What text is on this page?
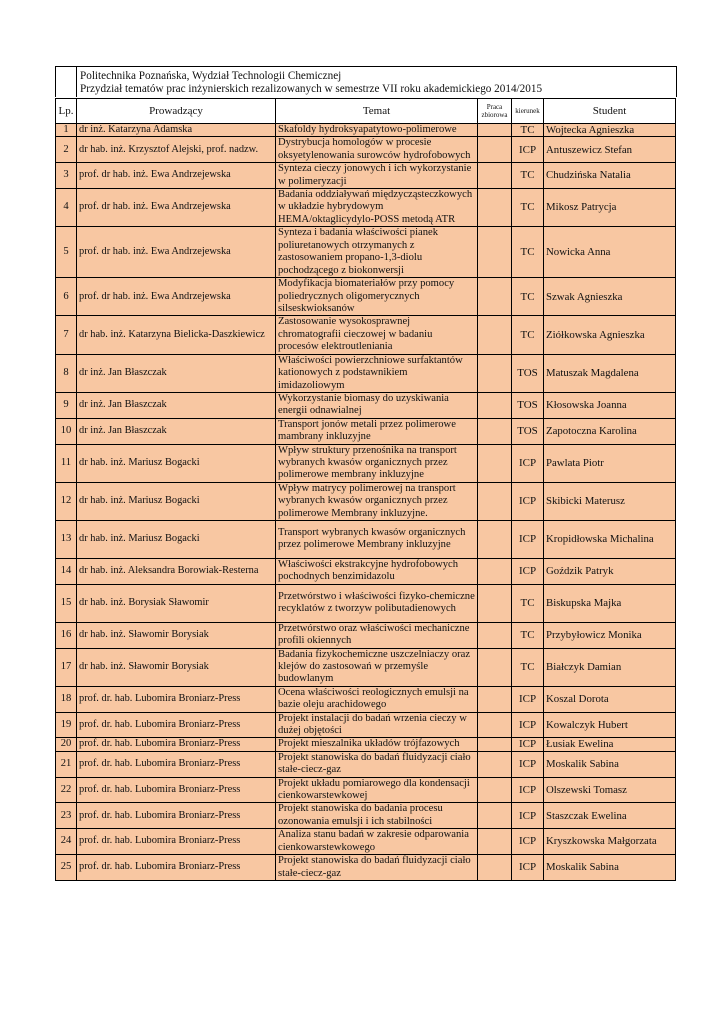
Politechnika Poznańska, Wydział Technologii Chemicznej
Przydział tematów prac inżynierskich rezalizowanych w semestrze VII roku akademickiego 2014/2015
Lp.	Prowadzący	Temat	Praca zbiorowa	kierunek	Student
1	dr inż. Katarzyna Adamska	Skafoldy hydroksyapatytowo-polimerowe		TC	Wojtecka Agnieszka
2	dr hab. inż. Krzysztof Alejski, prof. nadzw.	Dystrybucja homologów w procesie oksyetylenowania surowców hydrofobowych		ICP	Antuszewicz Stefan
3	prof. dr hab. inż. Ewa Andrzejewska	Synteza cieczy jonowych i ich wykorzystanie w polimeryzacji		TC	Chudzińska Natalia
4	prof. dr hab. inż. Ewa Andrzejewska	Badania oddziaływań międzycząsteczkowych w układzie hybrydowym HEMA/oktaglicydylo-POSS metodą ATR		TC	Mikosz Patrycja
5	prof. dr hab. inż. Ewa Andrzejewska	Synteza i badania właściwości pianek poliuretanowych otrzymanych z zastosowaniem propano-1,3-diolu pochodzącego z biokonwersji		TC	Nowicka Anna
6	prof. dr hab. inż. Ewa Andrzejewska	Modyfikacja biomateriałów przy pomocy poliedrycznych oligomerycznych silseskwioksanów		TC	Szwak Agnieszka
7	dr hab. inż. Katarzyna Bielicka-Daszkiewicz	Zastosowanie wysokosprawnej chromatografii cieczowej w badaniu procesów elektroutleniania		TC	Ziółkowska Agnieszka
8	dr inż. Jan Błaszczak	Właściwości powierzchniowe surfaktantów kationowych z podstawnikiem imidazoliowym		TOS	Matuszak Magdalena
9	dr inż. Jan Błaszczak	Wykorzystanie biomasy do uzyskiwania energii odnawialnej		TOS	Kłosowska Joanna
10	dr inż. Jan Błaszczak	Transport jonów metali przez polimerowe mambrany inkluzyjne		TOS	Zapotoczna Karolina
11	dr hab. inż. Mariusz Bogacki	Wpływ struktury przenośnika na transport wybranych kwasów organicznych przez polimerowe membrany inkluzyjne		ICP	Pawlata Piotr
12	dr hab. inż. Mariusz Bogacki	Wpływ matrycy polimerowej na transport wybranych kwasów organicznych przez polimerowe Membrany inkluzyjne.		ICP	Skibicki Materusz
13	dr hab. inż. Mariusz Bogacki	Transport wybranych kwasów organicznych przez polimerowe Membrany inkluzyjne		ICP	Kropidłowska Michalina
14	dr hab. inż. Aleksandra Borowiak-Resterna	Właściwości ekstrakcyjne hydrofobowych pochodnych benzimidazolu		ICP	Goździk Patryk
15	dr hab. inż. Borysiak Sławomir	Przetwórstwo i właściwości fizyko-chemiczne recyklatów z tworzyw polibutadienowych		TC	Biskupska Majka
16	dr hab. inż. Sławomir Borysiak	Przetwórstwo oraz właściwości mechaniczne profili okiennych		TC	Przybyłowicz Monika
17	dr hab. inż. Sławomir Borysiak	Badania fizykochemiczne uszczelniaczy oraz klejów do zastosowań w przemyśle budowlanym		TC	Białczyk Damian
18	prof. dr. hab. Lubomira Broniarz-Press	Ocena właściwości reologicznych emulsji na bazie oleju arachidowego		ICP	Koszal Dorota
19	prof. dr. hab. Lubomira Broniarz-Press	Projekt instalacji do badań wrzenia cieczy w dużej objętości		ICP	Kowalczyk Hubert
20	prof. dr. hab. Lubomira Broniarz-Press	Projekt mieszalnika układów trójfazowych		ICP	Łusiak Ewelina
21	prof. dr. hab. Lubomira Broniarz-Press	Projekt stanowiska do badań fluidyzacji ciało stałe-ciecz-gaz		ICP	Moskalik Sabina
22	prof. dr. hab. Lubomira Broniarz-Press	Projekt układu pomiarowego dla kondensacji cienkowarstewkowej		ICP	Olszewski Tomasz
23	prof. dr. hab. Lubomira Broniarz-Press	Projekt stanowiska do badania procesu ozonowania emulsji i ich stabilności		ICP	Staszczak Ewelina
24	prof. dr. hab. Lubomira Broniarz-Press	Analiza stanu badań w zakresie odparowania cienkowarstewkowego		ICP	Kryszkowska Małgorzata
25	prof. dr. hab. Lubomira Broniarz-Press	Projekt stanowiska do badań fluidyzacji ciało stałe-ciecz-gaz		ICP	Moskalik Sabina
